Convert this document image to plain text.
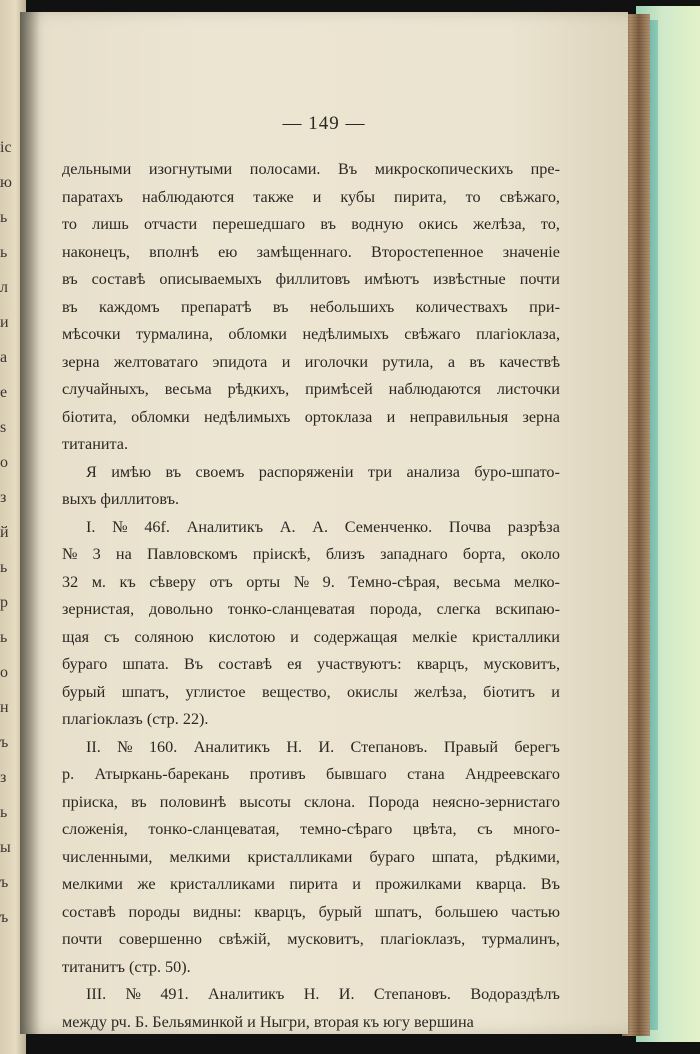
ic
ю
ь
ь
л
и
а
е
s
о
з
й
ь
р
ь
о
н
ъ
з
ь
ы
ъ
ъ
— 149 —
дельными изогнутыми полосами. Въ микроскопическихъ пре-
паратахъ наблюдаются также и кубы пирита, то свѣжаго,
то лишь отчасти перешедшаго въ водную окись желѣза, то,
наконецъ, вполнѣ ею замѣщеннаго. Второстепенное значеніе
въ составѣ описываемыхъ филлитовъ имѣютъ извѣстные почти
въ каждомъ препаратѣ въ небольшихъ количествахъ при-
мѣсочки турмалина, обломки недѣлимыхъ свѣжаго плагіоклаза,
зерна желтоватаго эпидота и иголочки рутила, а въ качествѣ
случайныхъ, весьма рѣдкихъ, примѣсей наблюдаются листочки
біотита, обломки недѣлимыхъ ортоклаза и неправильныя зерна
титанита.
Я имѣю въ своемъ распоряженіи три анализа буро-шпато-
выхъ филлитовъ.
I. № 46f. Аналитикъ А. А. Семенченко. Почва разрѣза
№ 3 на Павловскомъ пріискѣ, близъ западнаго борта, около
32 м. къ сѣверу отъ орты № 9. Темно-сѣрая, весьма мелко-
зернистая, довольно тонко-сланцеватая порода, слегка вскипаю-
щая съ соляною кислотою и содержащая мелкіе кристаллики
бураго шпата. Въ составѣ ея участвуютъ: кварцъ, мусковитъ,
бурый шпатъ, углистое вещество, окислы желѣза, біотитъ и
плагіоклазъ (стр. 22).
II. № 160. Аналитикъ Н. И. Степановъ. Правый берегъ
р. Атыркань-барекань противъ бывшаго стана Андреевскаго
пріиска, въ половинѣ высоты склона. Порода неясно-зернистаго
сложенія, тонко-сланцеватая, темно-сѣраго цвѣта, съ много-
численными, мелкими кристалликами бураго шпата, рѣдкими,
мелкими же кристалликами пирита и прожилками кварца. Въ
составѣ породы видны: кварцъ, бурый шпатъ, большею частью
почти совершенно свѣжій, мусковитъ, плагіоклазъ, турмалинъ,
титанитъ (стр. 50).
III. № 491. Аналитикъ Н. И. Степановъ. Водораздѣлъ
между рч. Б. Бельяминкой и Ныгри, вторая къ югу вершина
